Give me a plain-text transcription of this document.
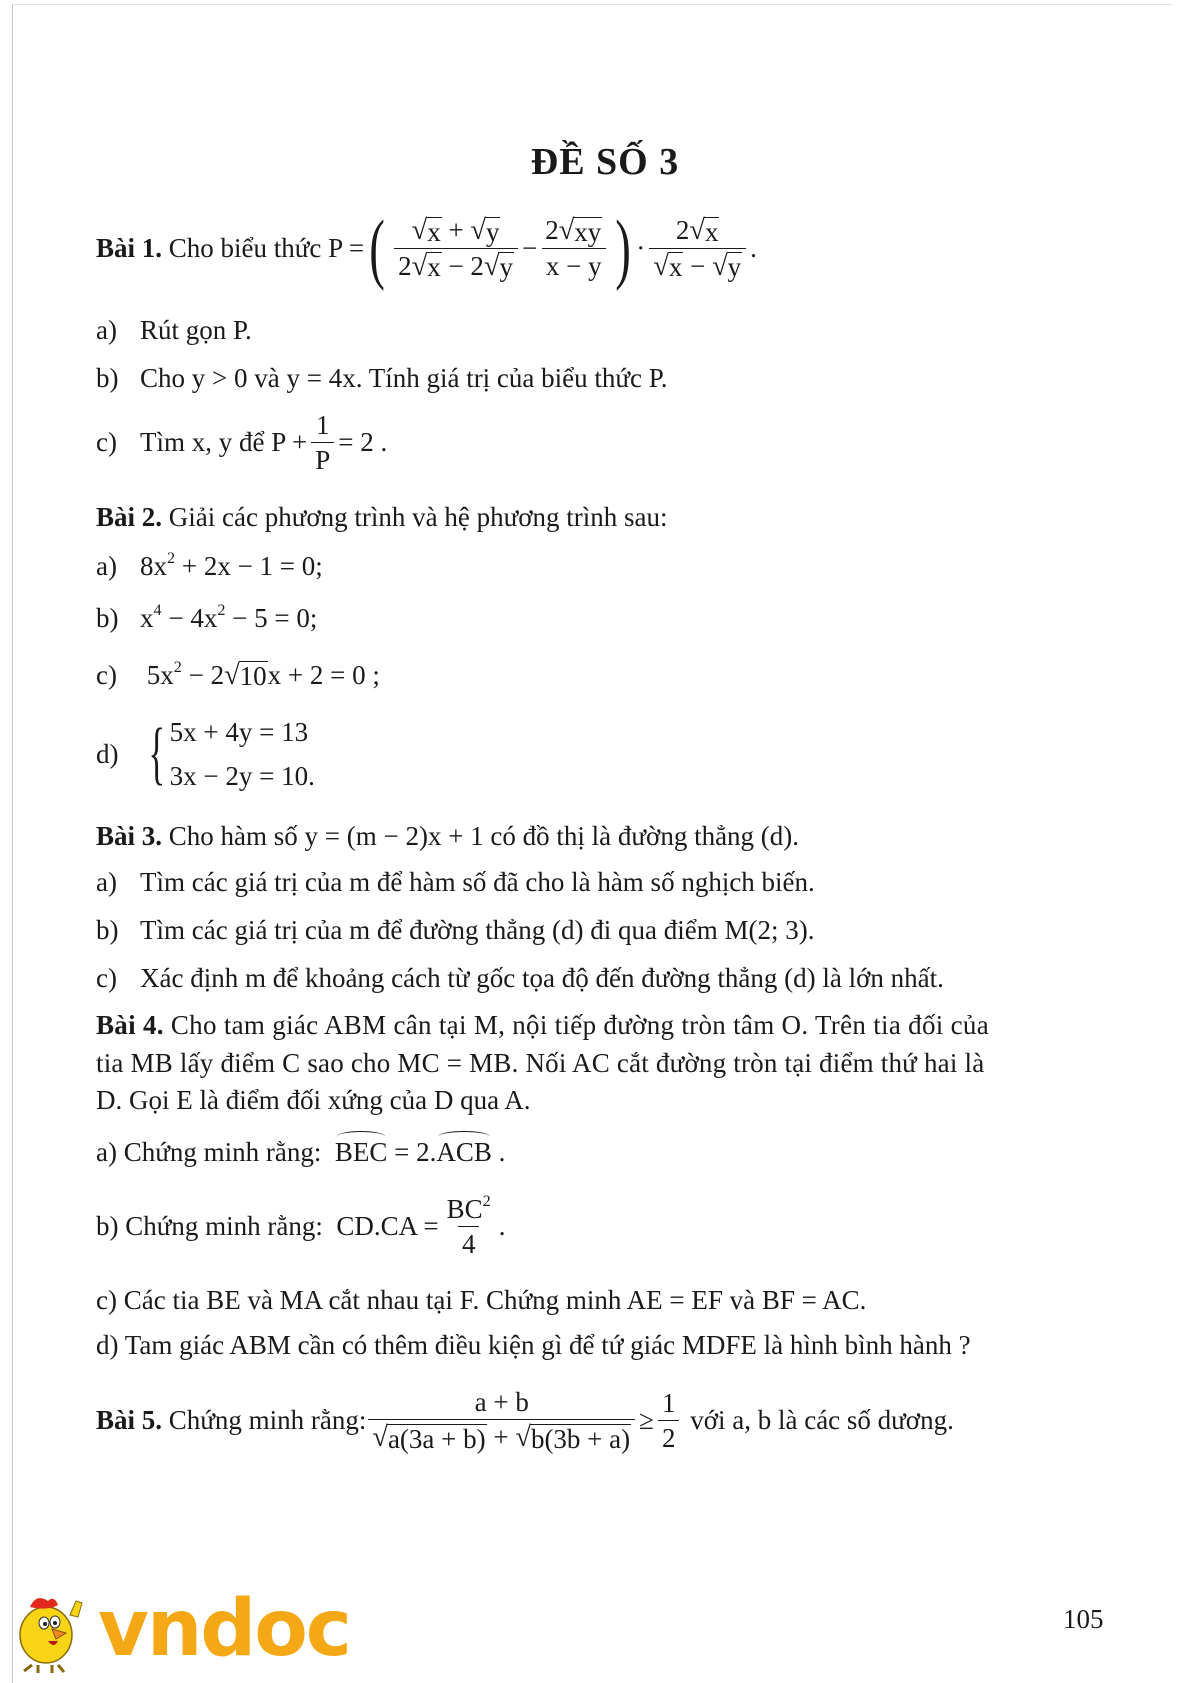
ĐỀ SỐ 3
Bài 1.
Cho biểu thức
P = ( $\frac{√ x + √ y}{2 √ x - 2 √ y} - \frac{2 √ xy}{x - y}$ ) · $\frac{2 √ x}{√ x - √ y}$ .
a) Rút gọn P.
b) Cho y > 0 và y = 4x. Tính giá trị của biểu thức P.
c) Tìm x, y để
$P + \frac{1}{P} = 2$ .
Bài 2. Giải các phương trình và hệ phương trình sau:
a) $8x^2 + 2x - 1 = 0$;
b) $x^4 - 4x^2 - 5 = 0$;
c) $5x^2 - 2$ √ 10 x + 2 = 0 ;
d) { 5x + 4y = 13
3x − 2y = 10.
Bài 3. Cho hàm số y = (m − 2)x + 1 có đồ thị là đường thẳng (d).
a) Tìm các giá trị của m để hàm số đã cho là hàm số nghịch biến.
b) Tìm các giá trị của m để đường thẳng (d) đi qua điểm M(2; 3).
c) Xác định m để khoảng cách từ gốc tọa độ đến đường thẳng (d) là lớn nhất.
Bài 4. Cho tam giác ABM cân tại M, nội tiếp đường tròn tâm O. Trên tia đối của
tia MB lấy điểm C sao cho MC = MB. Nối AC cắt đường tròn tại điểm thứ hai là
D. Gọi E là điểm đối xứng của D qua A.
a) Chứng minh rằng: BEC = 2.ACB .
b)
Chứng minh rằng:
$CD.CA = \frac{BC^2}{4}$ .
c) Các tia BE và MA cắt nhau tại F. Chứng minh AE = EF và BF = AC.
d) Tam giác ABM cần có thêm điều kiện gì để tứ giác MDFE là hình bình hành ?
Bài 5.
Chứng minh rằng: $\frac{a + b}{√ a(3a + b) + √ b(3b + a)} \ge \frac{1}{2}$
với a, b là các số dương.
vndoc	105
